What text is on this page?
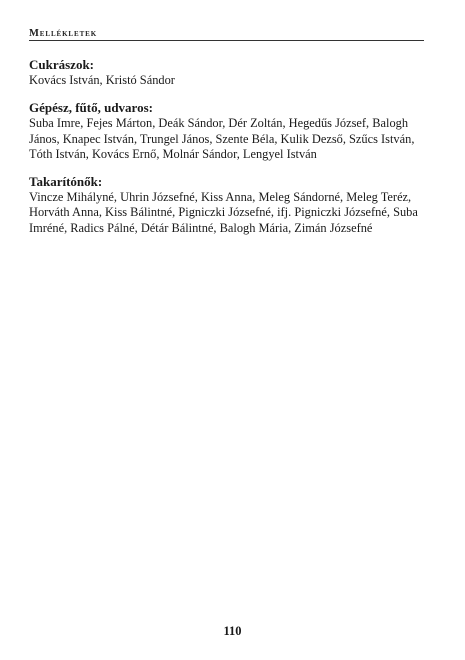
Mellékletek

Cukrászok:

Kovács István, Kristó Sándor

Gépész, fűtő, udvaros:

Suba Imre, Fejes Márton, Deák Sándor, Dér Zoltán, Hegedűs József, Balogh János, Knapec István, Trungel János, Szente Béla, Kulik Dezső, Szűcs István, Tóth István, Kovács Ernő, Molnár Sándor, Lengyel István

Takarítónők:

Vincze Mihályné, Uhrin Józsefné, Kiss Anna, Meleg Sándorné, Meleg Teréz, Horváth Anna, Kiss Bálintné, Pigniczki Józsefné, ifj. Pigniczki Józsefné, Suba Imréné, Radics Pálné, Détár Bálintné, Balogh Mária, Zimán Józsefné

110
